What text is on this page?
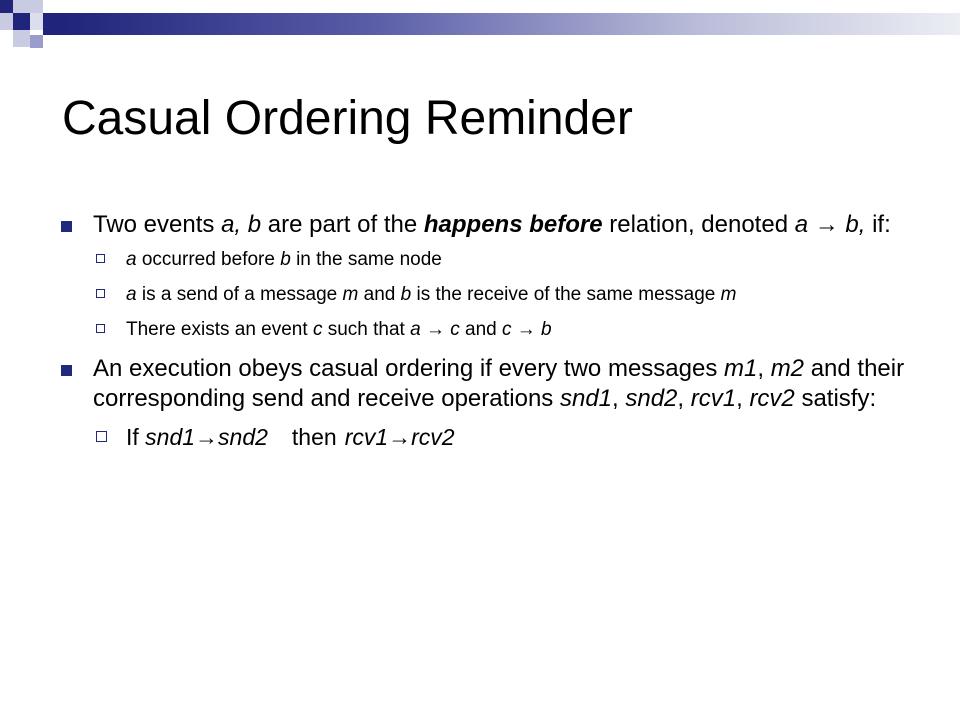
Casual Ordering Reminder
Two events a, b are part of the happens before relation, denoted a → b, if:
a occurred before b in the same node
a is a send of a message m and b is the receive of the same message m
There exists an event c such that a → c and c → b
An execution obeys casual ordering if every two messages m1, m2 and their corresponding send and receive operations snd1, snd2, rcv1, rcv2 satisfy:
If snd1→snd2 then rcv1→rcv2
